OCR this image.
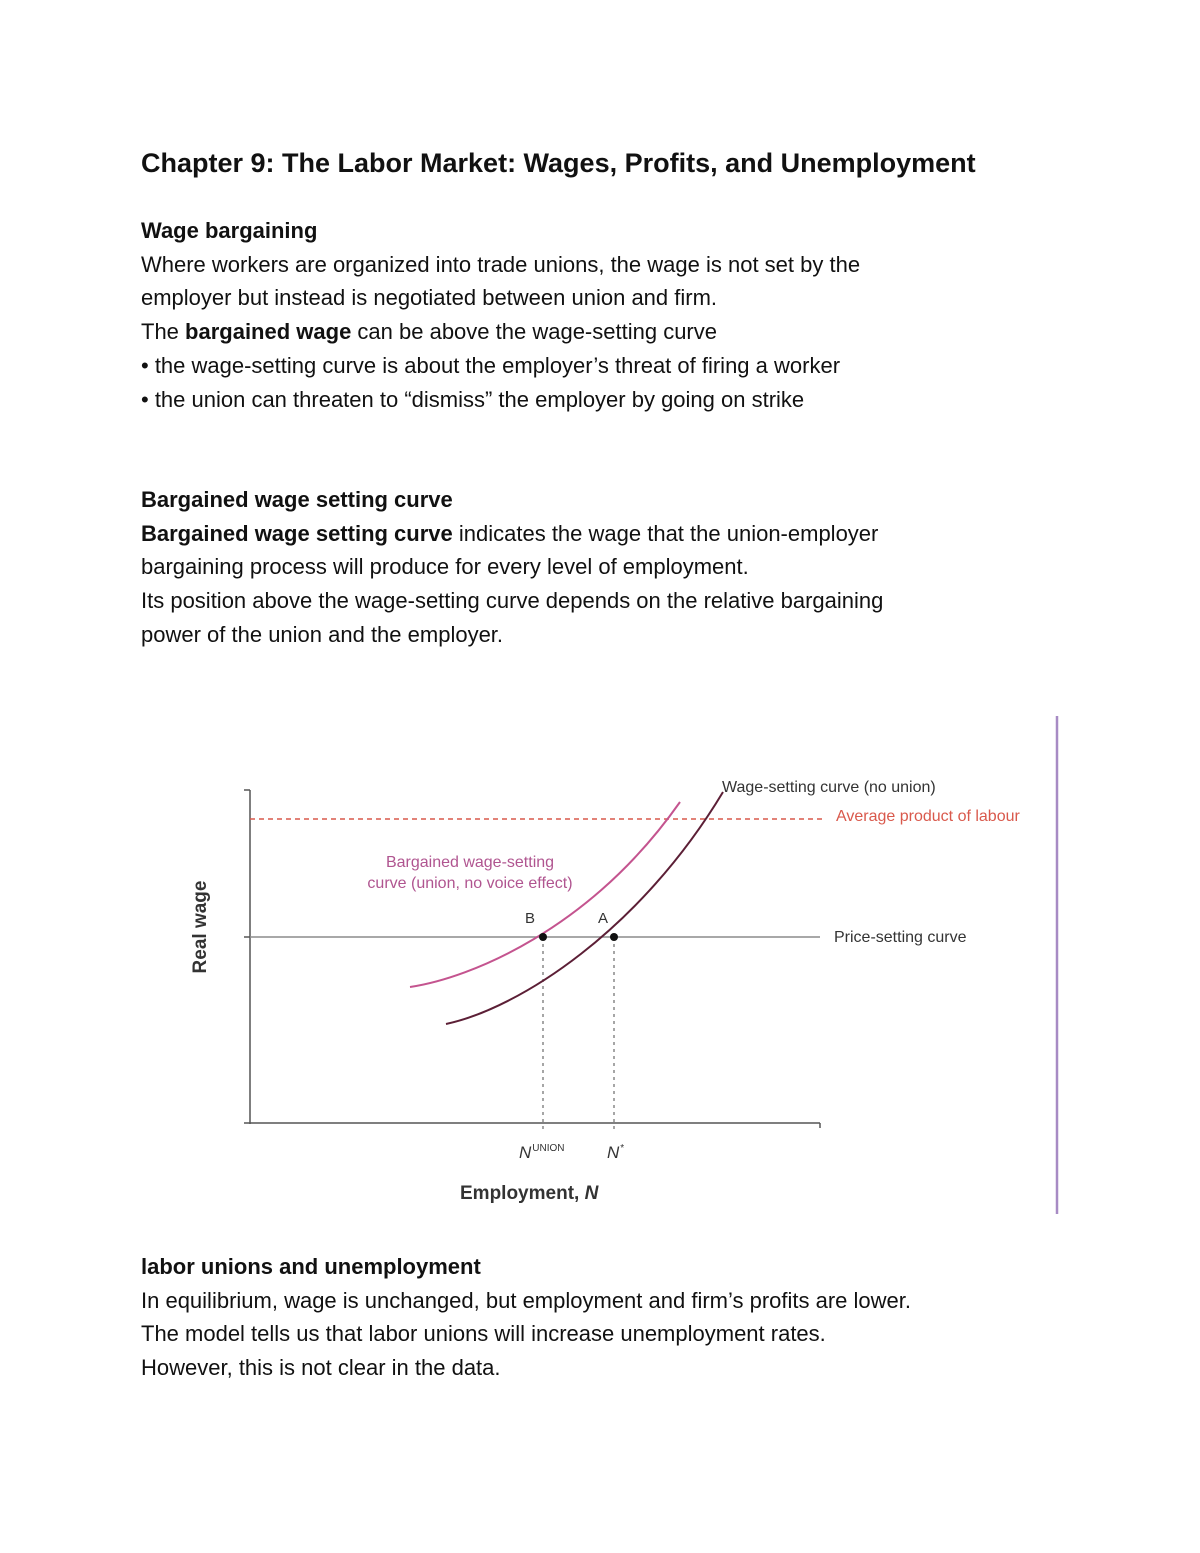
Chapter 9: The Labor Market: Wages, Profits, and Unemployment

Wage bargaining

Where workers are organized into trade unions, the wage is not set by the

employer but instead is negotiated between union and firm.

The bargained wage can be above the wage-setting curve

• the wage-setting curve is about the employer’s threat of firing a worker

• the union can threaten to “dismiss” the employer by going on strike

Bargained wage setting curve

Bargained wage setting curve indicates the wage that the union-employer

bargaining process will produce for every level of employment.

Its position above the wage-setting curve depends on the relative bargaining

power of the union and the employer.

B	A
Wage-setting curve (no union)
Average product of labour
Bargained wage-setting
curve (union, no voice effect)
Price-setting curve
$N^{UNION}$ N*
Employment, N
Real wage

labor unions and unemployment

In equilibrium, wage is unchanged, but employment and firm’s profits are lower.

The model tells us that labor unions will increase unemployment rates.

However, this is not clear in the data.
